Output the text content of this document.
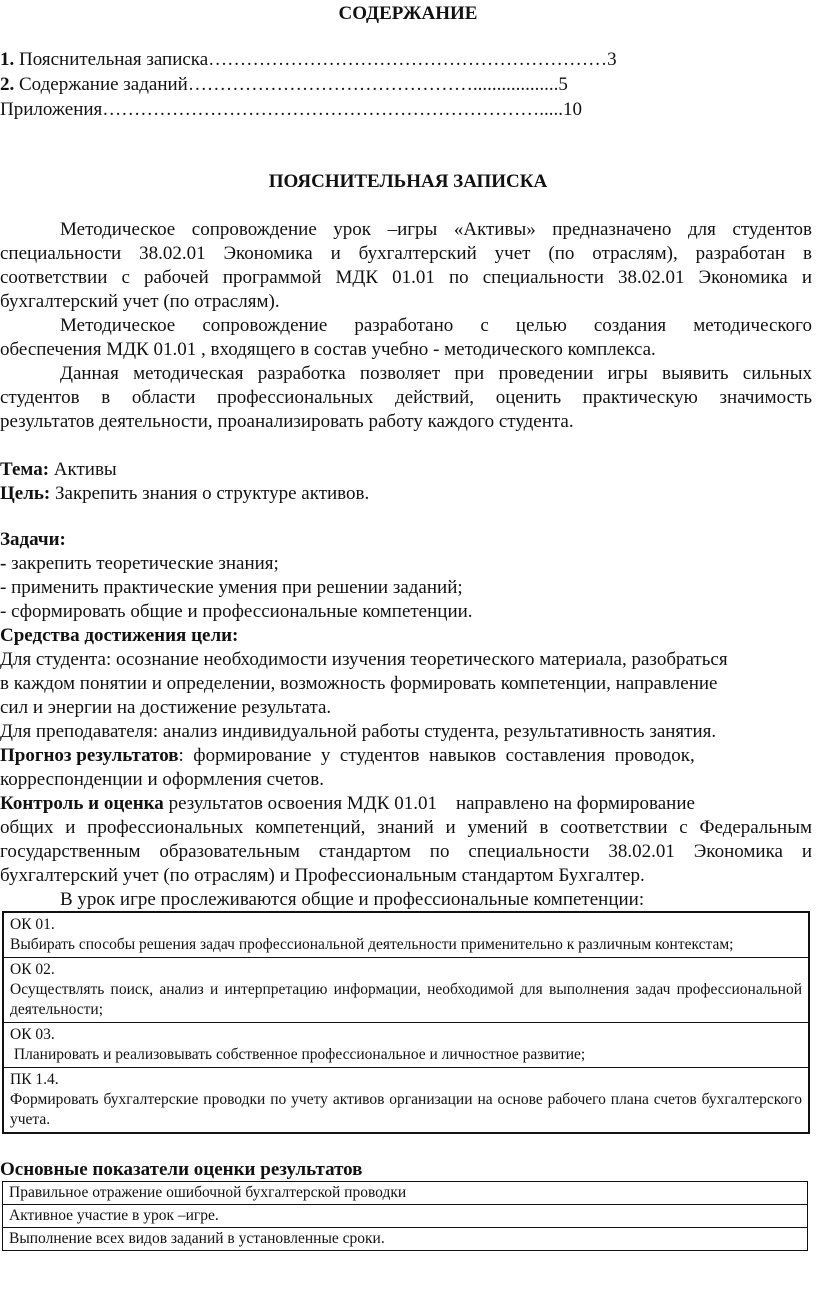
СОДЕРЖАНИЕ
1. Пояснительная записка………………………………………………………3
2. Содержание заданий………………………………………..................5
Приложения…………………………………………………………….....10
ПОЯСНИТЕЛЬНАЯ ЗАПИСКА
Методическое сопровождение урок –игры «Активы» предназначено для студентов
специальности 38.02.01 Экономика и бухгалтерский учет (по отраслям), разработан в
соответствии с рабочей программой МДК 01.01 по специальности 38.02.01 Экономика и
бухгалтерский учет (по отраслям).
Методическое сопровождение разработано с целью создания методического
обеспечения МДК 01.01 , входящего в состав учебно - методического комплекса.
Данная методическая разработка позволяет при проведении игры выявить сильных
студентов в области профессиональных действий, оценить практическую значимость
результатов деятельности, проанализировать работу каждого студента.
Тема: Активы
Цель: Закрепить знания о структуре активов.
Задачи:
- закрепить теоретические знания;
- применить практические умения при решении заданий;
- сформировать общие и профессиональные компетенции.
Средства достижения цели:
Для студента: осознание необходимости изучения теоретического материала, разобраться
в каждом понятии и определении, возможность формировать компетенции, направление
сил и энергии на достижение результата.
Для преподавателя: анализ индивидуальной работы студента, результативность занятия.
Прогноз результатов:  формирование  у  студентов  навыков  составления  проводок,
корреспонденции и оформления счетов.
Контроль и оценка результатов освоения МДК 01.01    направлено на формирование
общих и профессиональных компетенций, знаний и умений в соответствии с Федеральным
государственным образовательным стандартом по специальности 38.02.01 Экономика и
бухгалтерский учет (по отраслям) и Профессиональным стандартом Бухгалтер.
В урок игре прослеживаются общие и профессиональные компетенции:
ОК 01.
Выбирать способы решения задач профессиональной деятельности применительно к различным контекстам;
ОК 02.
Осуществлять поиск, анализ и интерпретацию информации, необходимой для выполнения задач профессиональной деятельности;
ОК 03.
Планировать и реализовывать собственное профессиональное и личностное развитие;
ПК 1.4.
Формировать бухгалтерские проводки по учету активов организации на основе рабочего плана счетов бухгалтерского учета.
Основные показатели оценки результатов
Правильное отражение ошибочной бухгалтерской проводки
Активное участие в урок –игре.
Выполнение всех видов заданий в установленные сроки.
